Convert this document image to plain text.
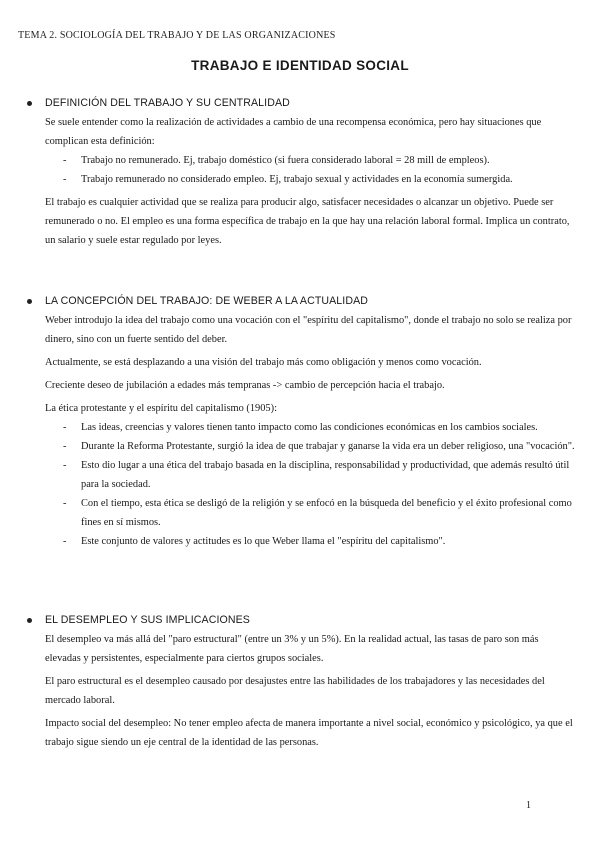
TEMA 2. SOCIOLOGÍA DEL TRABAJO Y DE LAS ORGANIZACIONES
TRABAJO E IDENTIDAD SOCIAL
DEFINICIÓN DEL TRABAJO Y SU CENTRALIDAD

Se suele entender como la realización de actividades a cambio de una recompensa económica, pero hay situaciones que complican esta definición:

- Trabajo no remunerado. Ej, trabajo doméstico (si fuera considerado laboral = 28 mill de empleos).
- Trabajo remunerado no considerado empleo. Ej, trabajo sexual y actividades en la economía sumergida.

El trabajo es cualquier actividad que se realiza para producir algo, satisfacer necesidades o alcanzar un objetivo. Puede ser remunerado o no. El empleo es una forma específica de trabajo en la que hay una relación laboral formal. Implica un contrato, un salario y suele estar regulado por leyes.

LA CONCEPCIÓN DEL TRABAJO: DE WEBER A LA ACTUALIDAD

Weber introdujo la idea del trabajo como una vocación con el "espíritu del capitalismo", donde el trabajo no solo se realiza por dinero, sino con un fuerte sentido del deber.

Actualmente, se está desplazando a una visión del trabajo más como obligación y menos como vocación.

Creciente deseo de jubilación a edades más tempranas -> cambio de percepción hacia el trabajo.

La ética protestante y el espíritu del capitalismo (1905):

- Las ideas, creencias y valores tienen tanto impacto como las condiciones económicas en los cambios sociales.
- Durante la Reforma Protestante, surgió la idea de que trabajar y ganarse la vida era un deber religioso, una "vocación".
- Esto dio lugar a una ética del trabajo basada en la disciplina, responsabilidad y productividad, que además resultó útil para la sociedad.
- Con el tiempo, esta ética se desligó de la religión y se enfocó en la búsqueda del beneficio y el éxito profesional como fines en sí mismos.
- Este conjunto de valores y actitudes es lo que Weber llama el "espíritu del capitalismo".
EL DESEMPLEO Y SUS IMPLICACIONES

El desempleo va más allá del "paro estructural" (entre un 3% y un 5%). En la realidad actual, las tasas de paro son más elevadas y persistentes, especialmente para ciertos grupos sociales.

El paro estructural es el desempleo causado por desajustes entre las habilidades de los trabajadores y las necesidades del mercado laboral.

Impacto social del desempleo: No tener empleo afecta de manera importante a nivel social, económico y psicológico, ya que el trabajo sigue siendo un eje central de la identidad de las personas.

1
